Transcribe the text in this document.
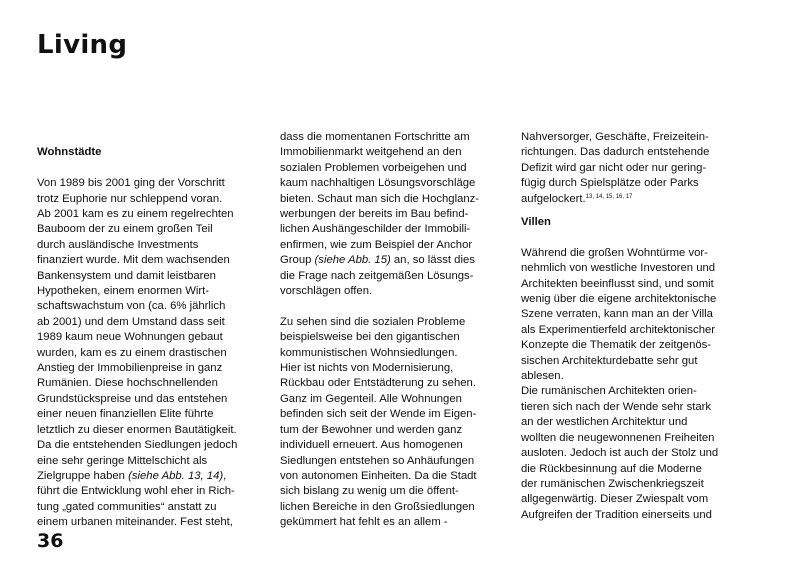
Living
Wohnstädte
Von 1989 bis 2001 ging der Vorschritt
trotz Euphorie nur schleppend voran.
Ab 2001 kam es zu einem regelrechten
Bauboom der zu einem großen Teil
durch ausländische Investments
finanziert wurde. Mit dem wachsenden
Bankensystem und damit leistbaren
Hypotheken, einem enormen Wirt-
schaftswachstum von (ca. 6% jährlich
ab 2001) und dem Umstand dass seit
1989 kaum neue Wohnungen gebaut
wurden, kam es zu einem drastischen
Anstieg der Immobilienpreise in ganz
Rumänien. Diese hochschnellenden
Grundstückspreise und das entstehen
einer neuen finanziellen Elite führte
letztlich zu dieser enormen Bautätigkeit.
Da die entstehenden Siedlungen jedoch
eine sehr geringe Mittelschicht als
Zielgruppe haben (siehe Abb. 13, 14),
führt die Entwicklung wohl eher in Rich-
tung „gated communities“ anstatt zu
einem urbanen miteinander. Fest steht,
dass die momentanen Fortschritte am
Immobilienmarkt weitgehend an den
sozialen Problemen vorbeigehen und
kaum nachhaltigen Lösungsvorschläge
bieten. Schaut man sich die Hochglanz-
werbungen der bereits im Bau befind-
lichen Aushängeschilder der Immobili-
enfirmen, wie zum Beispiel der Anchor
Group (siehe Abb. 15) an, so lässt dies
die Frage nach zeitgemäßen Lösungs-
vorschlägen offen.
Zu sehen sind die sozialen Probleme
beispielsweise bei den gigantischen
kommunistischen Wohnsiedlungen.
Hier ist nichts von Modernisierung,
Rückbau oder Entstädterung zu sehen.
Ganz im Gegenteil. Alle Wohnungen
befinden sich seit der Wende im Eigen-
tum der Bewohner und werden ganz
individuell erneuert. Aus homogenen
Siedlungen entstehen so Anhäufungen
von autonomen Einheiten. Da die Stadt
sich bislang zu wenig um die öffent-
lichen Bereiche in den Großsiedlungen
gekümmert hat fehlt es an allem -
Nahversorger, Geschäfte, Freizeitein-
richtungen. Das dadurch entstehende
Defizit wird gar nicht oder nur gering-
fügig durch Spielsplätze oder Parks
aufgelockert.$^{13, 14, 15, 16, 17}$
Villen
Während die großen Wohntürme vor-
nehmlich von westliche Investoren und
Architekten beeinflusst sind, und somit
wenig über die eigene architektonische
Szene verraten, kann man an der Villa
als Experimentierfeld architektonischer
Konzepte die Thematik der zeitgenös-
sischen Architekturdebatte sehr gut
ablesen.
Die rumänischen Architekten orien-
tieren sich nach der Wende sehr stark
an der westlichen Architektur und
wollten die neugewonnenen Freiheiten
ausloten. Jedoch ist auch der Stolz und
die Rückbesinnung auf die Moderne
der rumänischen Zwischenkriegszeit
allgegenwärtig. Dieser Zwiespalt vom
Aufgreifen der Tradition einerseits und
36
